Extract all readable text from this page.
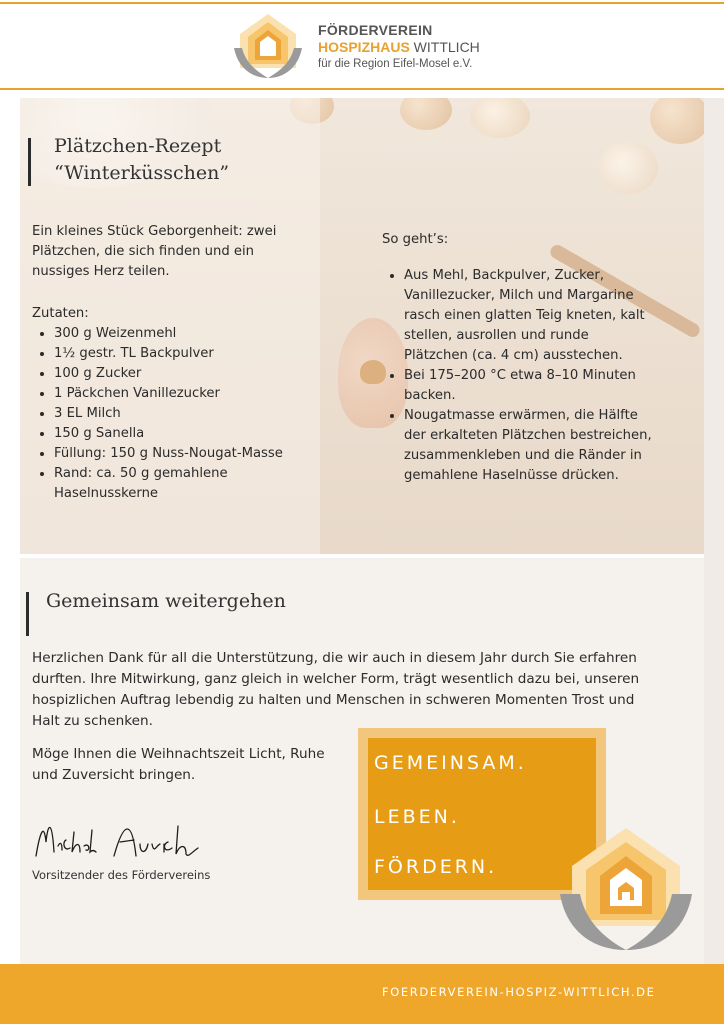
FÖRDERVEREIN
HOSPIZHAUS WITTLICH
für die Region Eifel-Mosel e.V.
Plätzchen-Rezept
“Winterküsschen”
Ein kleines Stück Geborgenheit: zwei Plätzchen, die sich finden und ein nussiges Herz teilen.
Zutaten:
• 300 g Weizenmehl
• 1½ gestr. TL Backpulver
• 100 g Zucker
• 1 Päckchen Vanillezucker
• 3 EL Milch
• 150 g Sanella
• Füllung: 150 g Nuss-Nougat-Masse
• Rand: ca. 50 g gemahlene Haselnusskerne
So geht’s:
• Aus Mehl, Backpulver, Zucker, Vanillezucker, Milch und Margarine rasch einen glatten Teig kneten, kalt stellen, ausrollen und runde Plätzchen (ca. 4 cm) ausstechen.
• Bei 175–200 °C etwa 8–10 Minuten backen.
• Nougatmasse erwärmen, die Hälfte der erkalteten Plätzchen bestreichen, zusammenkleben und die Ränder in gemahlene Haselnüsse drücken.
Gemeinsam weitergehen
Herzlichen Dank für all die Unterstützung, die wir auch in diesem Jahr durch Sie erfahren durften. Ihre Mitwirkung, ganz gleich in welcher Form, trägt wesentlich dazu bei, unseren hospizlichen Auftrag lebendig zu halten und Menschen in schweren Momenten Trost und Halt zu schenken.
Möge Ihnen die Weihnachtszeit Licht, Ruhe und Zuversicht bringen.
Vorsitzender des Fördervereins
GEMEINSAM.
LEBEN.
FÖRDERN.
FOERDERVEREIN-HOSPIZ-WITTLICH.DE
